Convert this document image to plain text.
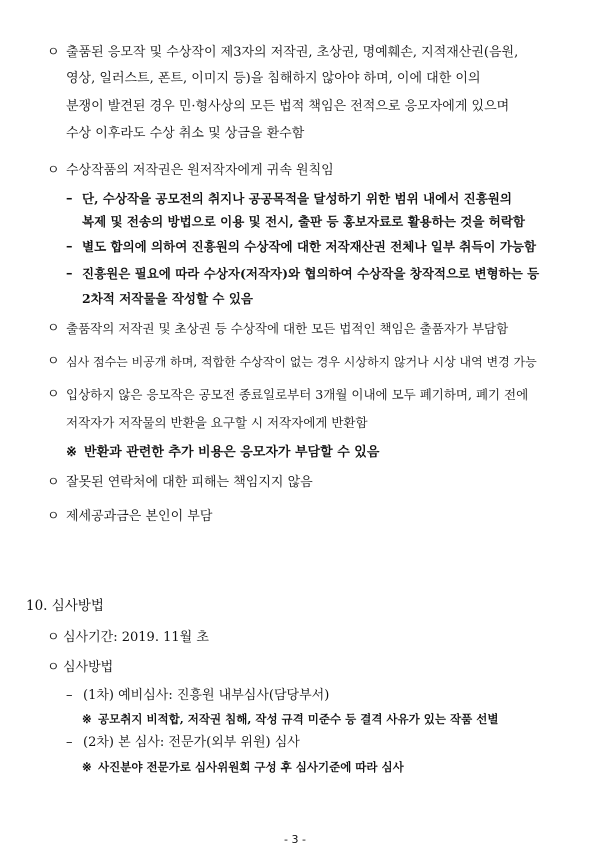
ㅇ 출품된 응모작 및 수상작이 제3자의 저작권, 초상권, 명예훼손, 지적재산권(음원,
영상, 일러스트, 폰트, 이미지 등)을 침해하지 않아야 하며, 이에 대한 이의
분쟁이 발견된 경우 민·형사상의 모든 법적 책임은 전적으로 응모자에게 있으며
수상 이후라도 수상 취소 및 상금을 환수함
ㅇ 수상작품의 저작권은 원저작자에게 귀속 원칙임
– 단, 수상작을 공모전의 취지나 공공목적을 달성하기 위한 범위 내에서 진흥원의
복제 및 전송의 방법으로 이용 및 전시, 출판 등 홍보자료로 활용하는 것을 허락함
– 별도 합의에 의하여 진흥원의 수상작에 대한 저작재산권 전체나 일부 취득이 가능함
– 진흥원은 필요에 따라 수상자(저작자)와 협의하여 수상작을 창작적으로 변형하는 등
2차적 저작물을 작성할 수 있음
ㅇ 출품작의 저작권 및 초상권 등 수상작에 대한 모든 법적인 책임은 출품자가 부담함
ㅇ 심사 점수는 비공개 하며, 적합한 수상작이 없는 경우 시상하지 않거나 시상 내역 변경 가능
ㅇ 입상하지 않은 응모작은 공모전 종료일로부터 3개월 이내에 모두 폐기하며, 폐기 전에
저작자가 저작물의 반환을 요구할 시 저작자에게 반환함
※ 반환과 관련한 추가 비용은 응모자가 부담할 수 있음
ㅇ 잘못된 연락처에 대한 피해는 책임지지 않음
ㅇ 제세공과금은 본인이 부담
10. 심사방법
ㅇ 심사기간: 2019. 11월 초
ㅇ 심사방법
– (1차) 예비심사: 진흥원 내부심사(담당부서)
※ 공모취지 비적합, 저작권 침해, 작성 규격 미준수 등 결격 사유가 있는 작품 선별
– (2차) 본 심사: 전문가(외부 위원) 심사
※ 사진분야 전문가로 심사위원회 구성 후 심사기준에 따라 심사
- 3 -
